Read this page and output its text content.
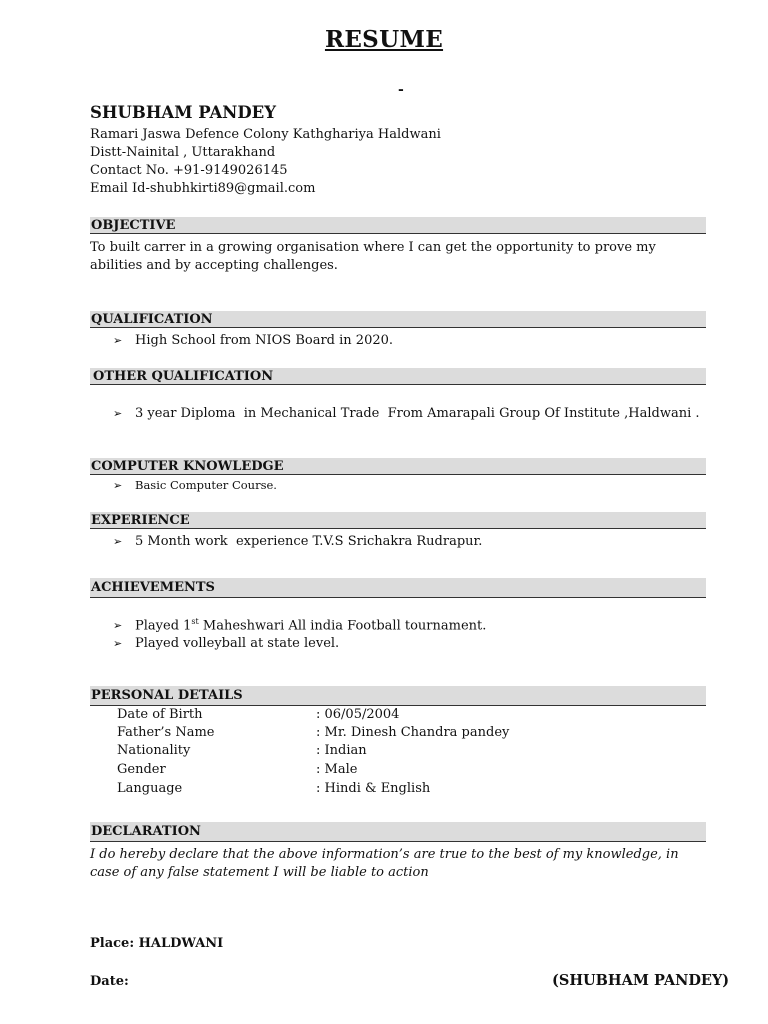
RESUME
-
SHUBHAM PANDEY
Ramari Jaswa Defence Colony Kathghariya Haldwani
Distt-Nainital , Uttarakhand
Contact No. +91-9149026145
Email Id-shubhkirti89@gmail.com
OBJECTIVE
To built carrer in a growing organisation where I can get the opportunity to prove my abilities and by accepting challenges.
QUALIFICATION
➢ High School from NIOS Board in 2020.
OTHER QUALIFICATION
➢ 3 year Diploma  in Mechanical Trade  From Amarapali Group Of Institute ,Haldwani .
COMPUTER KNOWLEDGE
➢ Basic Computer Course.
EXPERIENCE
➢ 5 Month work  experience T.V.S Srichakra Rudrapur.
ACHIEVEMENTS
➢ Played 1st Maheshwari All india Football tournament.
➢ Played volleyball at state level.
PERSONAL DETAILS
Date of Birth	: 06/05/2004
Father’s Name	: Mr. Dinesh Chandra pandey
Nationality	: Indian
Gender	: Male
Language	: Hindi & English
DECLARATION
I do hereby declare that the above information’s are true to the best of my knowledge, in case of any false statement I will be liable to action
Place: HALDWANI
Date:	(SHUBHAM PANDEY)
